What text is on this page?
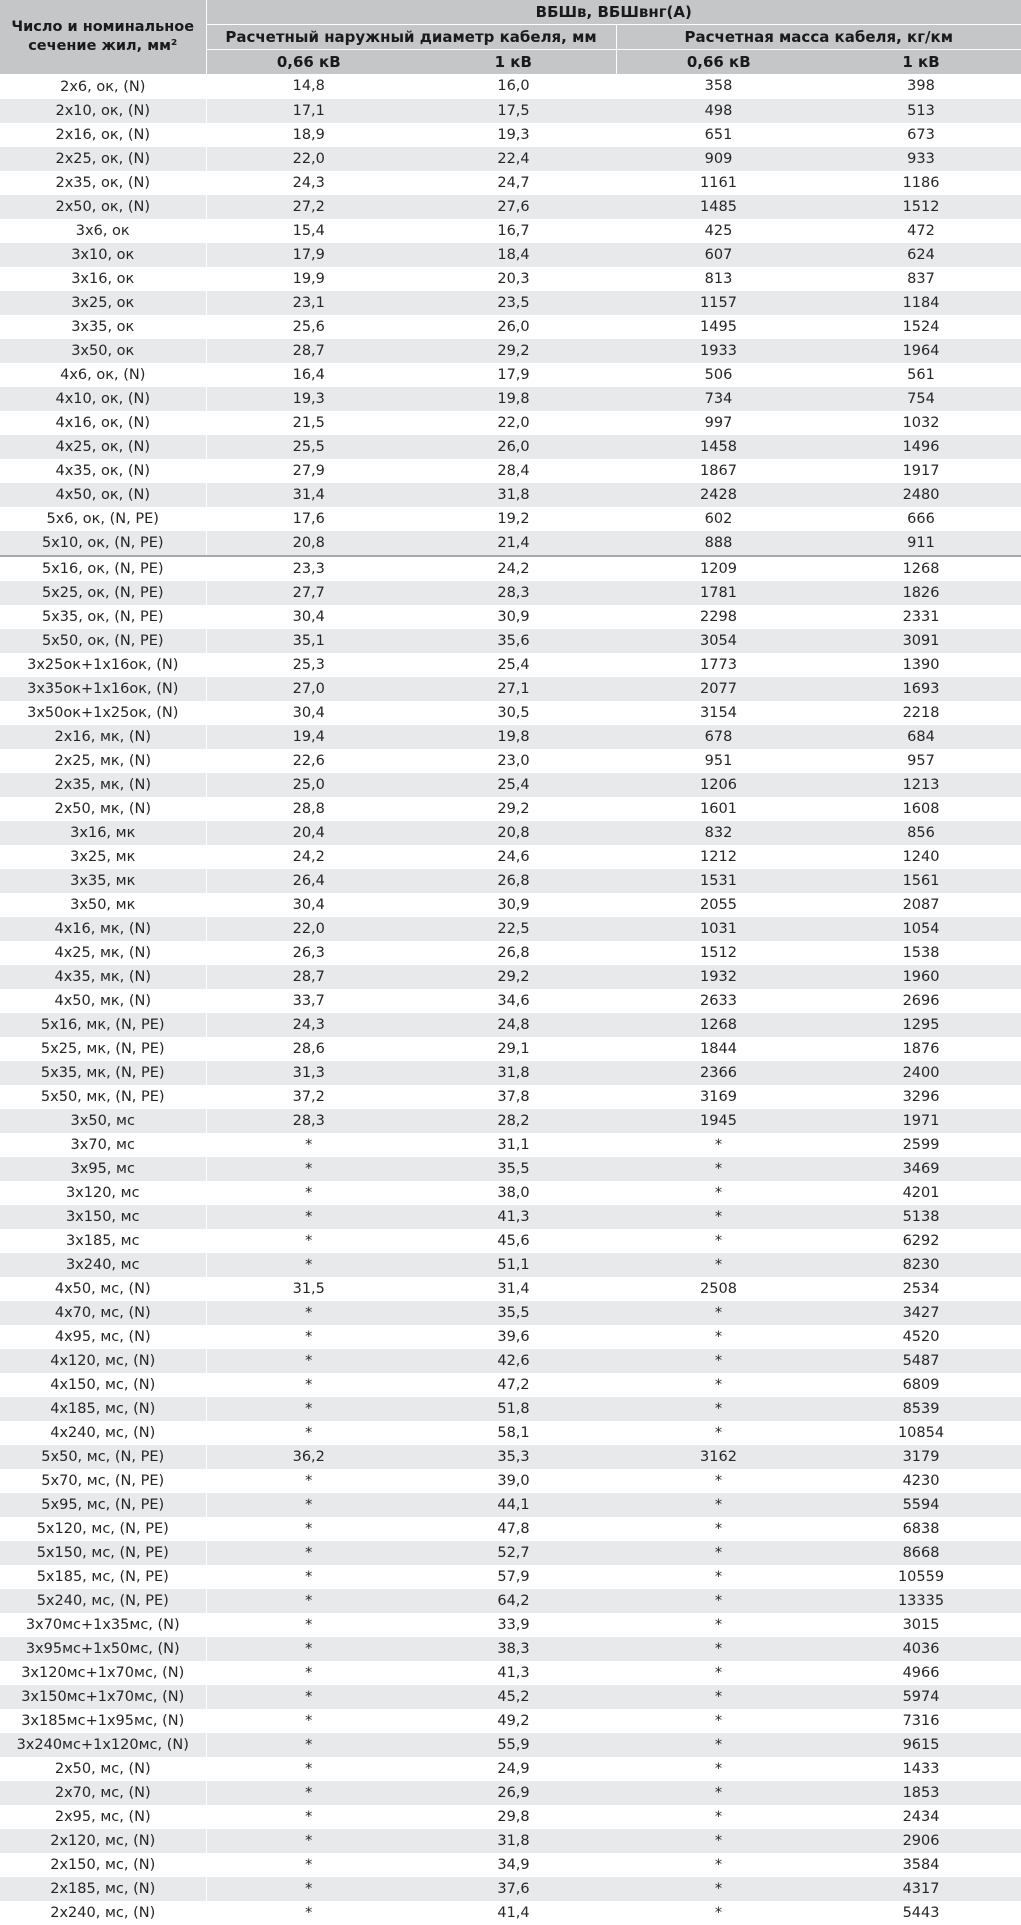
Число и номинальное
сечение жил, мм²	ВБШв, ВБШвнг(А)			
	Расчетный наружный диаметр кабеля, мм		Расчетная масса кабеля, кг/км	
	0,66 кВ	1 кВ	0,66 кВ	1 кВ
2x6, ок, (N)	14,8	16,0	358	398
2x10, ок, (N)	17,1	17,5	498	513
2x16, ок, (N)	18,9	19,3	651	673
2x25, ок, (N)	22,0	22,4	909	933
2x35, ок, (N)	24,3	24,7	1161	1186
2x50, ок, (N)	27,2	27,6	1485	1512
3x6, ок	15,4	16,7	425	472
3x10, ок	17,9	18,4	607	624
3x16, ок	19,9	20,3	813	837
3x25, ок	23,1	23,5	1157	1184
3x35, ок	25,6	26,0	1495	1524
3x50, ок	28,7	29,2	1933	1964
4x6, ок, (N)	16,4	17,9	506	561
4x10, ок, (N)	19,3	19,8	734	754
4x16, ок, (N)	21,5	22,0	997	1032
4x25, ок, (N)	25,5	26,0	1458	1496
4x35, ок, (N)	27,9	28,4	1867	1917
4x50, ок, (N)	31,4	31,8	2428	2480
5x6, ок, (N, PE)	17,6	19,2	602	666
5x10, ок, (N, PE)	20,8	21,4	888	911
5x16, ок, (N, PE)	23,3	24,2	1209	1268
5x25, ок, (N, PE)	27,7	28,3	1781	1826
5x35, ок, (N, PE)	30,4	30,9	2298	2331
5x50, ок, (N, PE)	35,1	35,6	3054	3091
3x25ок+1x16ок, (N)	25,3	25,4	1773	1390
3x35ок+1x16ок, (N)	27,0	27,1	2077	1693
3x50ок+1x25ок, (N)	30,4	30,5	3154	2218
2x16, мк, (N)	19,4	19,8	678	684
2x25, мк, (N)	22,6	23,0	951	957
2x35, мк, (N)	25,0	25,4	1206	1213
2x50, мк, (N)	28,8	29,2	1601	1608
3x16, мк	20,4	20,8	832	856
3x25, мк	24,2	24,6	1212	1240
3x35, мк	26,4	26,8	1531	1561
3x50, мк	30,4	30,9	2055	2087
4x16, мк, (N)	22,0	22,5	1031	1054
4x25, мк, (N)	26,3	26,8	1512	1538
4x35, мк, (N)	28,7	29,2	1932	1960
4x50, мк, (N)	33,7	34,6	2633	2696
5x16, мк, (N, PE)	24,3	24,8	1268	1295
5x25, мк, (N, PE)	28,6	29,1	1844	1876
5x35, мк, (N, PE)	31,3	31,8	2366	2400
5x50, мк, (N, PE)	37,2	37,8	3169	3296
3x50, мс	28,3	28,2	1945	1971
3x70, мс	*	31,1	*	2599
3x95, мс	*	35,5	*	3469
3x120, мс	*	38,0	*	4201
3x150, мс	*	41,3	*	5138
3x185, мс	*	45,6	*	6292
3x240, мс	*	51,1	*	8230
4x50, мс, (N)	31,5	31,4	2508	2534
4x70, мс, (N)	*	35,5	*	3427
4x95, мс, (N)	*	39,6	*	4520
4x120, мс, (N)	*	42,6	*	5487
4x150, мс, (N)	*	47,2	*	6809
4x185, мс, (N)	*	51,8	*	8539
4x240, мс, (N)	*	58,1	*	10854
5x50, мс, (N, PE)	36,2	35,3	3162	3179
5x70, мс, (N, PE)	*	39,0	*	4230
5x95, мс, (N, PE)	*	44,1	*	5594
5x120, мс, (N, PE)	*	47,8	*	6838
5x150, мс, (N, PE)	*	52,7	*	8668
5x185, мс, (N, PE)	*	57,9	*	10559
5x240, мс, (N, PE)	*	64,2	*	13335
3x70мс+1x35мс, (N)	*	33,9	*	3015
3x95мс+1x50мс, (N)	*	38,3	*	4036
3x120мс+1x70мс, (N)	*	41,3	*	4966
3x150мс+1x70мс, (N)	*	45,2	*	5974
3x185мс+1x95мс, (N)	*	49,2	*	7316
3x240мс+1x120мс, (N)	*	55,9	*	9615
2x50, мс, (N)	*	24,9	*	1433
2x70, мс, (N)	*	26,9	*	1853
2x95, мс, (N)	*	29,8	*	2434
2x120, мс, (N)	*	31,8	*	2906
2x150, мс, (N)	*	34,9	*	3584
2x185, мс, (N)	*	37,6	*	4317
2x240, мс, (N)	*	41,4	*	5443
